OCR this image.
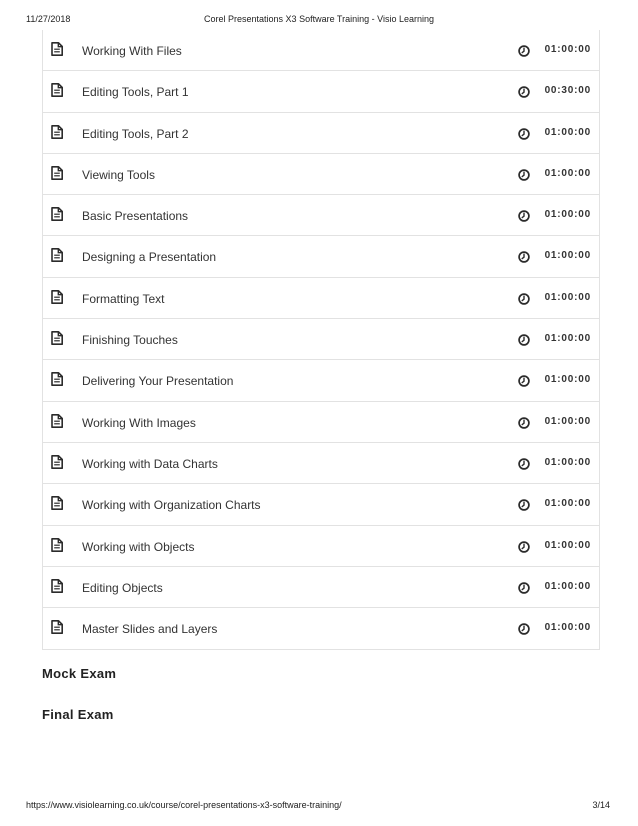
11/27/2018	Corel Presentations X3 Software Training - Visio Learning
Working With Files	01:00:00
Editing Tools, Part 1	00:30:00
Editing Tools, Part 2	01:00:00
Viewing Tools	01:00:00
Basic Presentations	01:00:00
Designing a Presentation	01:00:00
Formatting Text	01:00:00
Finishing Touches	01:00:00
Delivering Your Presentation	01:00:00
Working With Images	01:00:00
Working with Data Charts	01:00:00
Working with Organization Charts	01:00:00
Working with Objects	01:00:00
Editing Objects	01:00:00
Master Slides and Layers	01:00:00
Mock Exam
Final Exam
https://www.visiolearning.co.uk/course/corel-presentations-x3-software-training/	3/14
